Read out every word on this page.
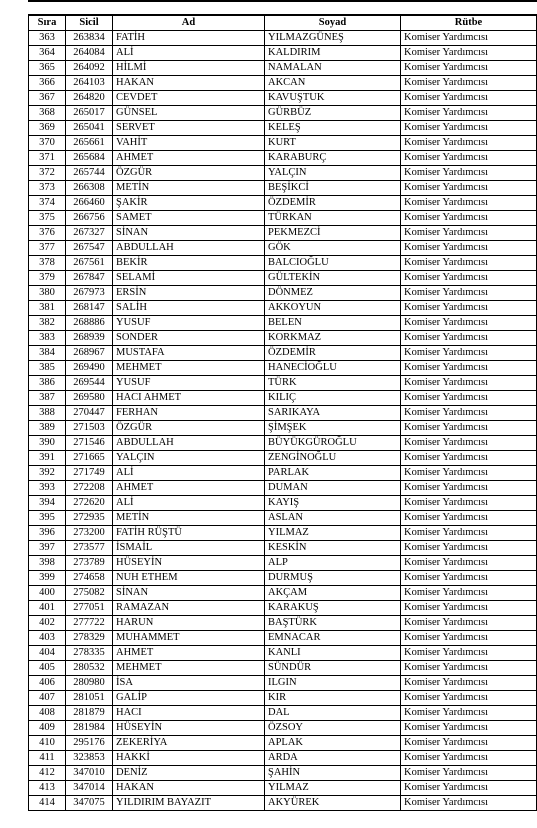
Sıra	Sicil	Ad	Soyad	Rütbe
363	263834	FATİH	YILMAZGÜNEŞ	Komiser Yardımcısı
364	264084	ALİ	KALDIRIM	Komiser Yardımcısı
365	264092	HİLMİ	NAMALAN	Komiser Yardımcısı
366	264103	HAKAN	AKCAN	Komiser Yardımcısı
367	264820	CEVDET	KAVUŞTUK	Komiser Yardımcısı
368	265017	GÜNSEL	GÜRBÜZ	Komiser Yardımcısı
369	265041	SERVET	KELEŞ	Komiser Yardımcısı
370	265661	VAHİT	KURT	Komiser Yardımcısı
371	265684	AHMET	KARABURÇ	Komiser Yardımcısı
372	265744	ÖZGÜR	YALÇIN	Komiser Yardımcısı
373	266308	METİN	BEŞİKCİ	Komiser Yardımcısı
374	266460	ŞAKİR	ÖZDEMİR	Komiser Yardımcısı
375	266756	SAMET	TÜRKAN	Komiser Yardımcısı
376	267327	SİNAN	PEKMEZCİ	Komiser Yardımcısı
377	267547	ABDULLAH	GÖK	Komiser Yardımcısı
378	267561	BEKİR	BALCIOĞLU	Komiser Yardımcısı
379	267847	SELAMİ	GÜLTEKİN	Komiser Yardımcısı
380	267973	ERSİN	DÖNMEZ	Komiser Yardımcısı
381	268147	SALİH	AKKOYUN	Komiser Yardımcısı
382	268886	YUSUF	BELEN	Komiser Yardımcısı
383	268939	SONDER	KORKMAZ	Komiser Yardımcısı
384	268967	MUSTAFA	ÖZDEMİR	Komiser Yardımcısı
385	269490	MEHMET	HANECİOĞLU	Komiser Yardımcısı
386	269544	YUSUF	TÜRK	Komiser Yardımcısı
387	269580	HACI AHMET	KILIÇ	Komiser Yardımcısı
388	270447	FERHAN	SARIKAYA	Komiser Yardımcısı
389	271503	ÖZGÜR	ŞİMŞEK	Komiser Yardımcısı
390	271546	ABDULLAH	BÜYÜKGÜROĞLU	Komiser Yardımcısı
391	271665	YALÇIN	ZENGİNOĞLU	Komiser Yardımcısı
392	271749	ALİ	PARLAK	Komiser Yardımcısı
393	272208	AHMET	DUMAN	Komiser Yardımcısı
394	272620	ALİ	KAYIŞ	Komiser Yardımcısı
395	272935	METİN	ASLAN	Komiser Yardımcısı
396	273200	FATİH RÜŞTÜ	YILMAZ	Komiser Yardımcısı
397	273577	İSMAİL	KESKİN	Komiser Yardımcısı
398	273789	HÜSEYİN	ALP	Komiser Yardımcısı
399	274658	NUH ETHEM	DURMUŞ	Komiser Yardımcısı
400	275082	SİNAN	AKÇAM	Komiser Yardımcısı
401	277051	RAMAZAN	KARAKUŞ	Komiser Yardımcısı
402	277722	HARUN	BAŞTÜRK	Komiser Yardımcısı
403	278329	MUHAMMET	EMNACAR	Komiser Yardımcısı
404	278335	AHMET	KANLI	Komiser Yardımcısı
405	280532	MEHMET	SÜNDÜR	Komiser Yardımcısı
406	280980	İSA	ILGIN	Komiser Yardımcısı
407	281051	GALİP	KIR	Komiser Yardımcısı
408	281879	HACI	DAL	Komiser Yardımcısı
409	281984	HÜSEYİN	ÖZSOY	Komiser Yardımcısı
410	295176	ZEKERİYA	APLAK	Komiser Yardımcısı
411	323853	HAKKİ	ARDA	Komiser Yardımcısı
412	347010	DENİZ	ŞAHİN	Komiser Yardımcısı
413	347014	HAKAN	YILMAZ	Komiser Yardımcısı
414	347075	YILDIRIM BAYAZIT	AKYÜREK	Komiser Yardımcısı
